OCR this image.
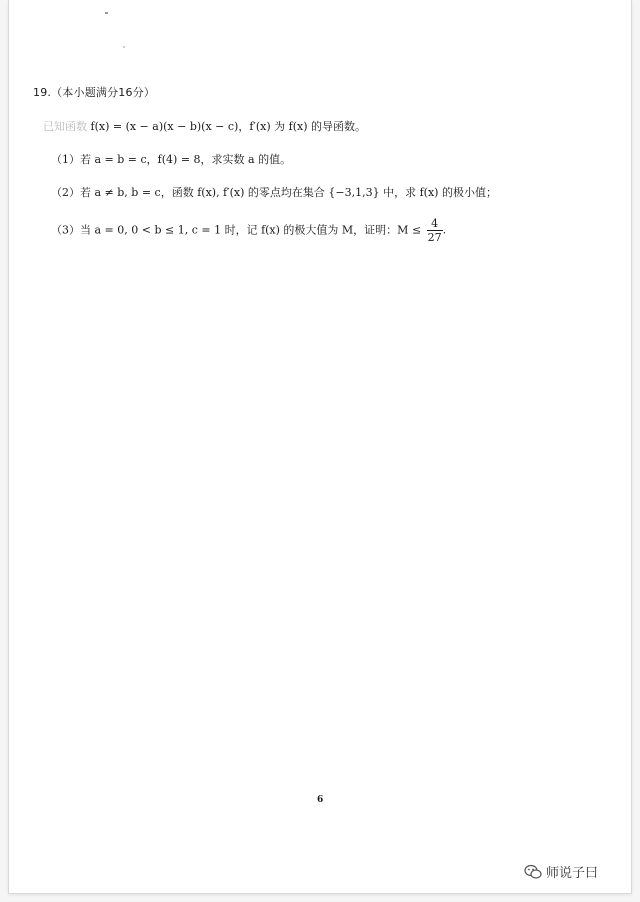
19.（本小题满分16分）
已知函数 f(x) = (x − a)(x − b)(x − c)，f′(x) 为 f(x) 的导函数。
（1）若 a = b = c，f(4) = 8，求实数 a 的值。
（2）若 a ≠ b, b = c，函数 f(x), f′(x) 的零点均在集合 {−3,1,3} 中，求 f(x) 的极小值；
（3）当 a = 0, 0 < b ≤ 1, c = 1 时，记 f(x) 的极大值为 M，证明：$M \le \frac{4}{27}$ .
6
师说子曰
